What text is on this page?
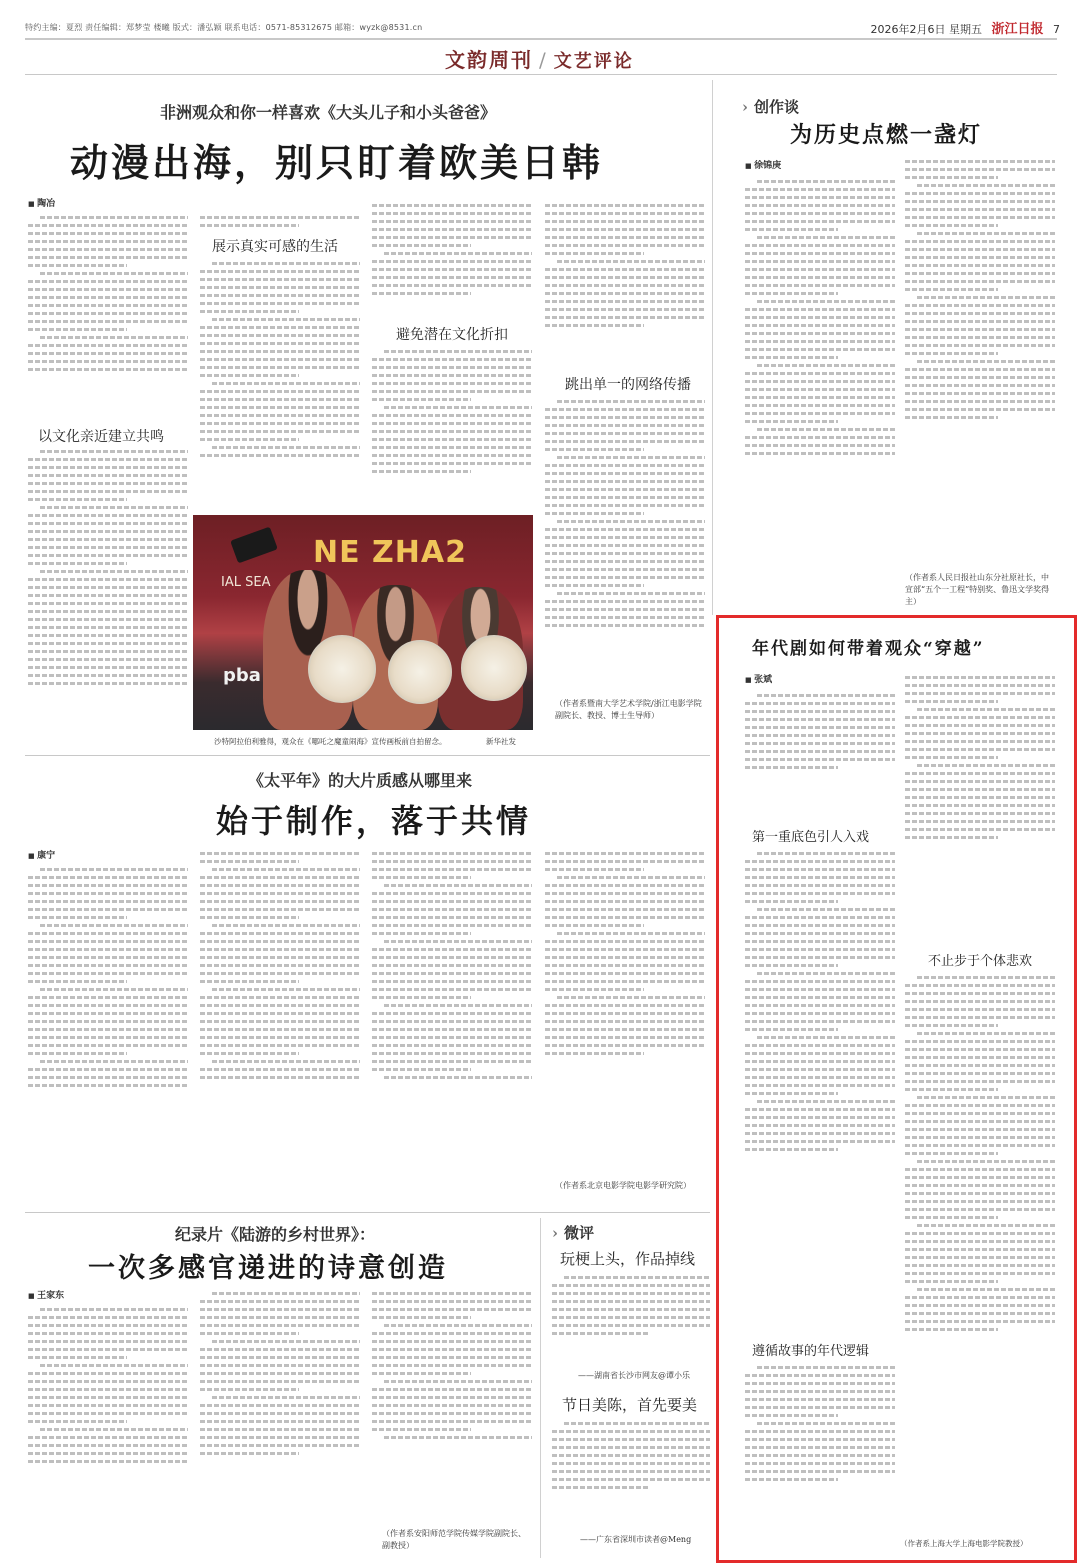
特约主编：夏烈 责任编辑：郑梦莹 楼曦 版式：潘弘颖 联系电话：0571-85312675 邮箱：wyzk@8531.cn	2026年2月6日 星期五 浙江日报 7
文韵周刊 / 文艺评论
非洲观众和你一样喜欢《大头儿子和小头爸爸》
动漫出海，别只盯着欧美日韩
■ 陶冶
以文化亲近建立共鸣
展示真实可感的生活
避免潜在文化折扣
跳出单一的网络传播
（作者系暨南大学艺术学院/浙江电影学院副院长、教授、博士生导师）
IAL SEA
NE ZHA2
pba
沙特阿拉伯利雅得，观众在《哪吒之魔童闹海》宣传画板前自拍留念。	新华社发
《太平年》的大片质感从哪里来
始于制作，落于共情
■ 康宁
（作者系北京电影学院电影学研究院）
纪录片《陆游的乡村世界》：
一次多感官递进的诗意创造
■ 王家东
（作者系安阳师范学院传媒学院副院长、副教授）
› 微评
玩梗上头，作品掉线
——湖南省长沙市网友@谭小乐
节日美陈，首先要美
——广东省深圳市读者@Meng
› 创作谈
为历史点燃一盏灯
■ 徐锦庚
（作者系人民日报社山东分社原社长，中宣部“五个一工程”特别奖、鲁迅文学奖得主）
年代剧如何带着观众“穿越”
■ 张斌
第一重底色引人入戏
遵循故事的年代逻辑
不止步于个体悲欢
（作者系上海大学上海电影学院教授）
